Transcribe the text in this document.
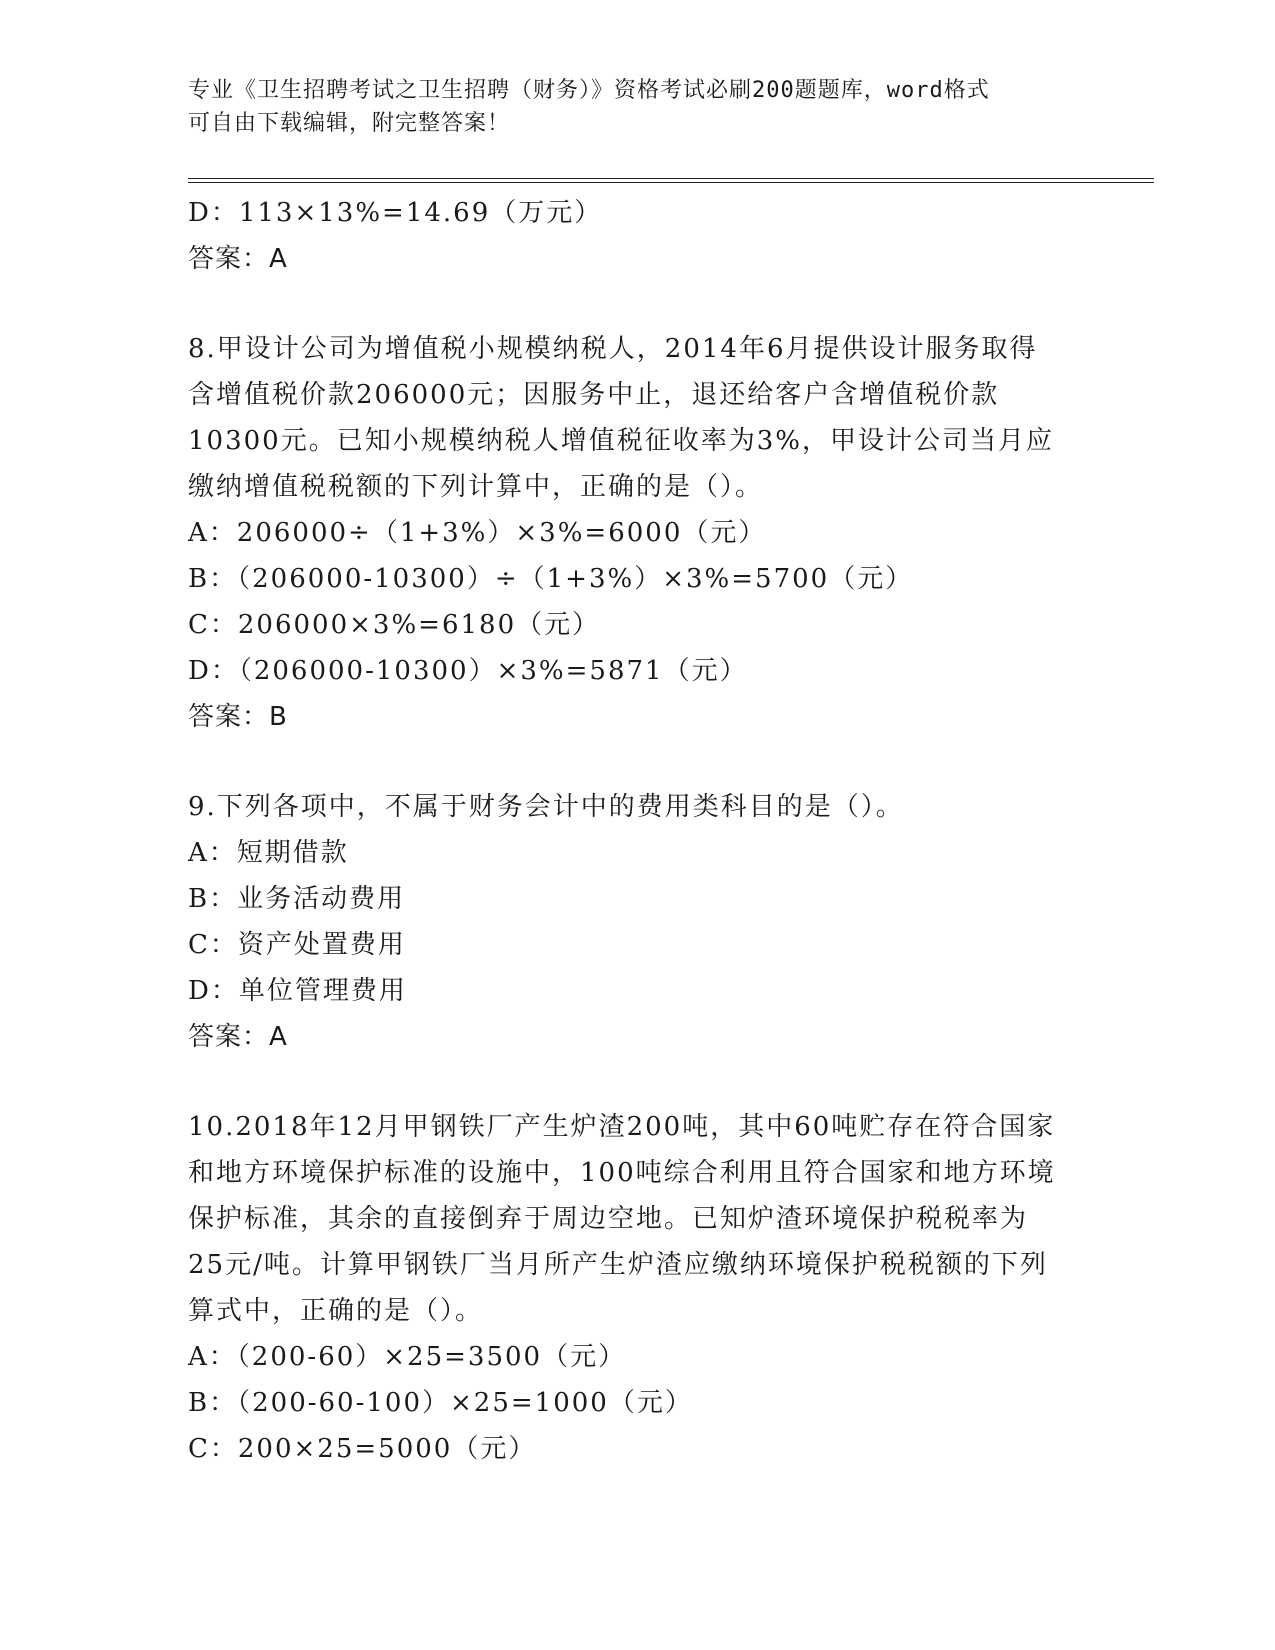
专业《卫生招聘考试之卫生招聘（财务）》资格考试必刷200题题库，word格式
可自由下载编辑，附完整答案！
D：113×13%=14.69（万元）
答案：A
8.甲设计公司为增值税小规模纳税人，2014年6月提供设计服务取得
含增值税价款206000元；因服务中止，退还给客户含增值税价款
10300元。已知小规模纳税人增值税征收率为3%，甲设计公司当月应
缴纳增值税税额的下列计算中，正确的是（）。
A：206000÷（1+3%）×3%=6000（元）
B：（206000-10300）÷（1+3%）×3%=5700（元）
C：206000×3%=6180（元）
D：（206000-10300）×3%=5871（元）
答案：B
9.下列各项中，不属于财务会计中的费用类科目的是（）。
A：短期借款
B：业务活动费用
C：资产处置费用
D：单位管理费用
答案：A
10.2018年12月甲钢铁厂产生炉渣200吨，其中60吨贮存在符合国家
和地方环境保护标准的设施中，100吨综合利用且符合国家和地方环境
保护标准，其余的直接倒弃于周边空地。已知炉渣环境保护税税率为
25元/吨。计算甲钢铁厂当月所产生炉渣应缴纳环境保护税税额的下列
算式中，正确的是（）。
A：（200-60）×25=3500（元）
B：（200-60-100）×25=1000（元）
C：200×25=5000（元）
